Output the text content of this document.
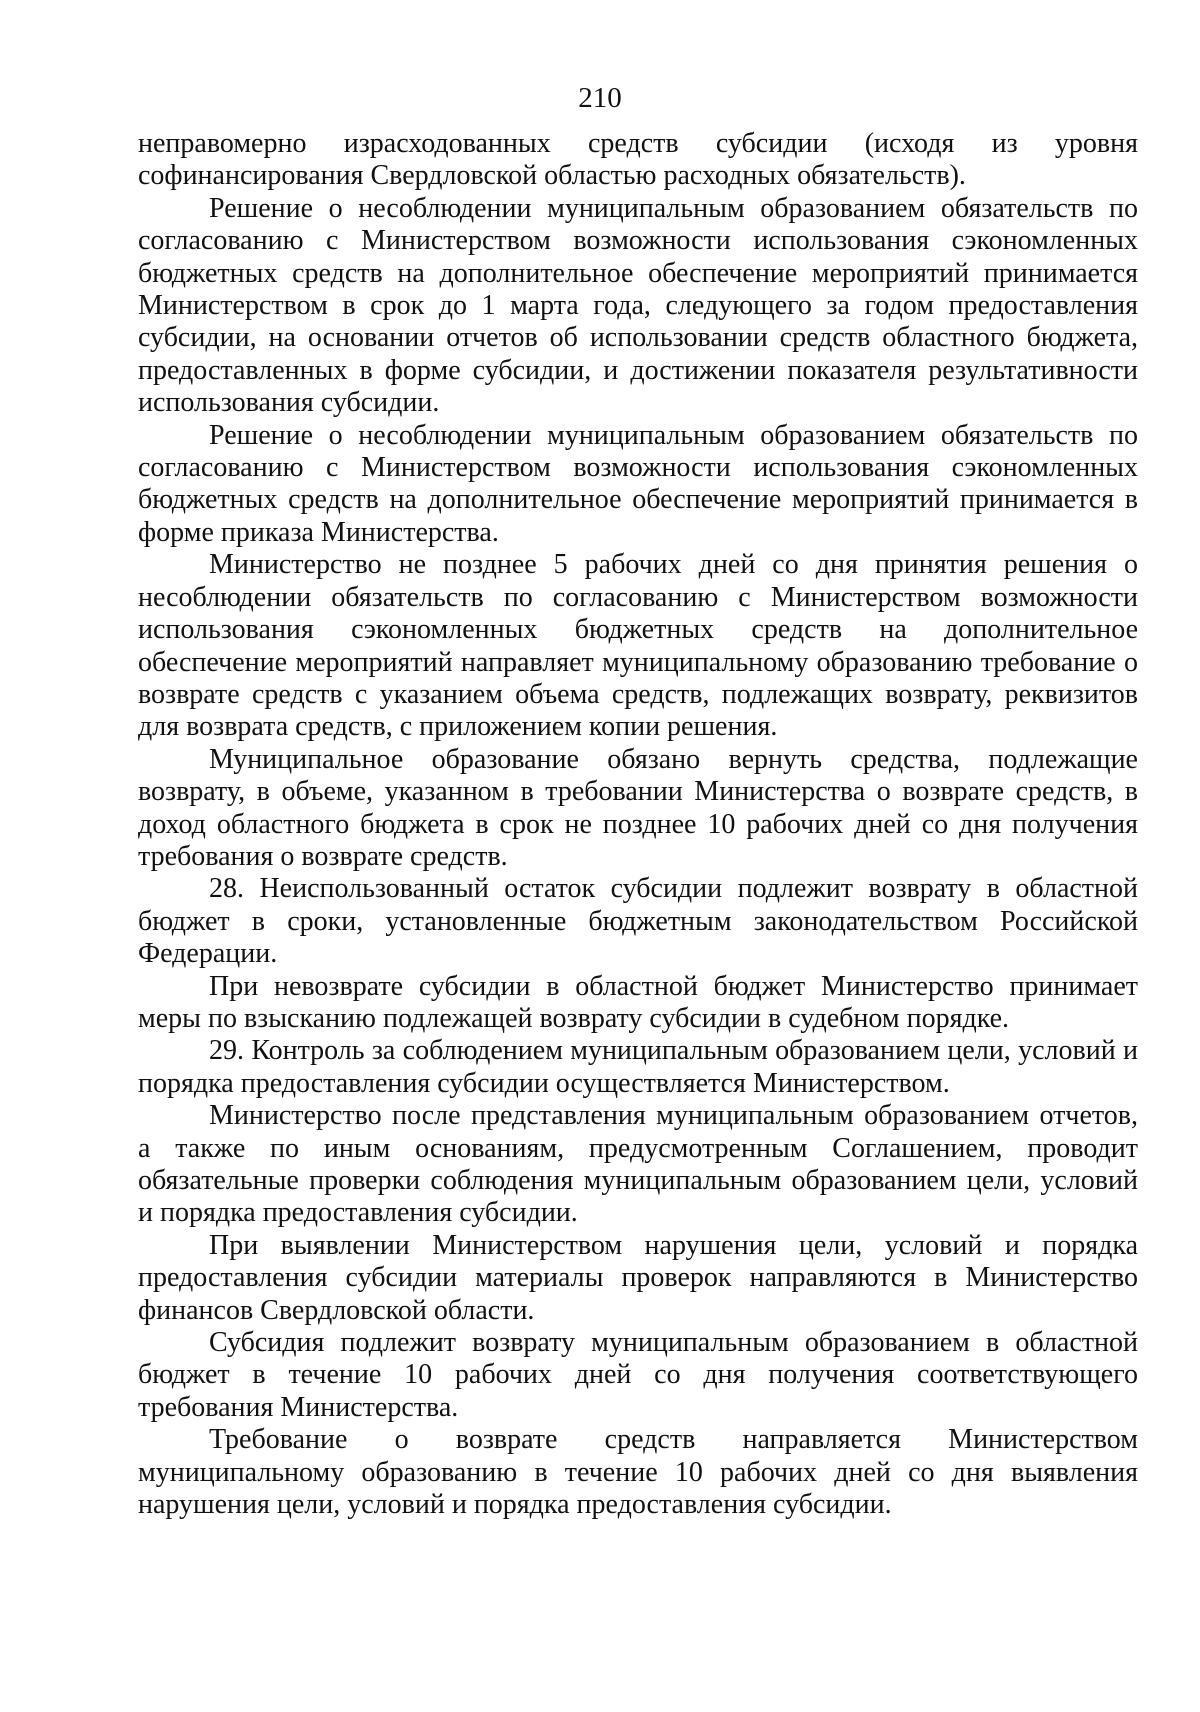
210

неправомерно израсходованных средств субсидии (исходя из уровня софинансирования Свердловской областью расходных обязательств).

Решение о несоблюдении муниципальным образованием обязательств по согласованию с Министерством возможности использования сэкономленных бюджетных средств на дополнительное обеспечение мероприятий принимается Министерством в срок до 1 марта года, следующего за годом предоставления субсидии, на основании отчетов об использовании средств областного бюджета, предоставленных в форме субсидии, и достижении показателя результативности использования субсидии.

Решение о несоблюдении муниципальным образованием обязательств по согласованию с Министерством возможности использования сэкономленных бюджетных средств на дополнительное обеспечение мероприятий принимается в форме приказа Министерства.

Министерство не позднее 5 рабочих дней со дня принятия решения о несоблюдении обязательств по согласованию с Министерством возможности использования сэкономленных бюджетных средств на дополнительное обеспечение мероприятий направляет муниципальному образованию требование о возврате средств с указанием объема средств, подлежащих возврату, реквизитов для возврата средств, с приложением копии решения.

Муниципальное образование обязано вернуть средства, подлежащие возврату, в объеме, указанном в требовании Министерства о возврате средств, в доход областного бюджета в срок не позднее 10 рабочих дней со дня получения требования о возврате средств.

28. Неиспользованный остаток субсидии подлежит возврату в областной бюджет в сроки, установленные бюджетным законодательством Российской Федерации.

При невозврате субсидии в областной бюджет Министерство принимает меры по взысканию подлежащей возврату субсидии в судебном порядке.

29. Контроль за соблюдением муниципальным образованием цели, условий и порядка предоставления субсидии осуществляется Министерством.

Министерство после представления муниципальным образованием отчетов, а также по иным основаниям, предусмотренным Соглашением, проводит обязательные проверки соблюдения муниципальным образованием цели, условий и порядка предоставления субсидии.

При выявлении Министерством нарушения цели, условий и порядка предоставления субсидии материалы проверок направляются в Министерство финансов Свердловской области.

Субсидия подлежит возврату муниципальным образованием в областной бюджет в течение 10 рабочих дней со дня получения соответствующего требования Министерства.

Требование о возврате средств направляется Министерством муниципальному образованию в течение 10 рабочих дней со дня выявления нарушения цели, условий и порядка предоставления субсидии.
